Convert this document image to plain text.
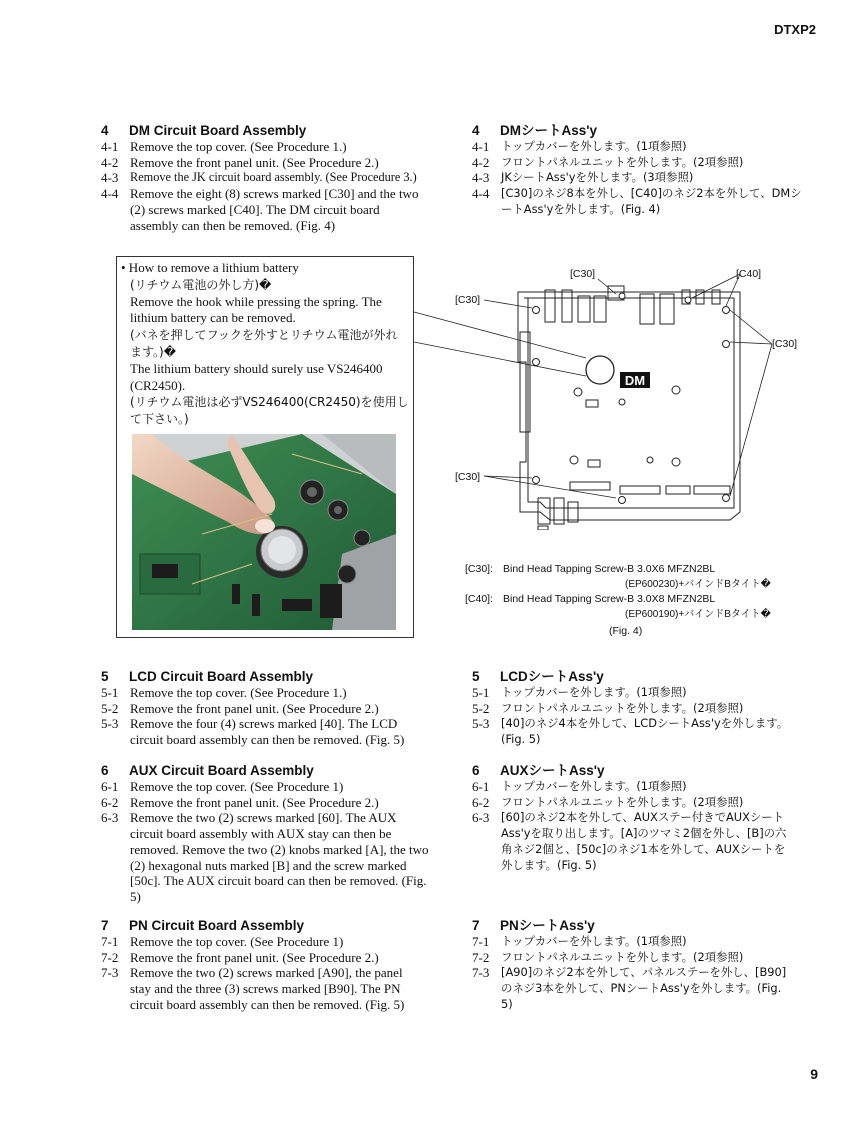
DTXP2
4	DM Circuit Board Assembly
4-1 Remove the top cover. (See Procedure 1.)
4-2 Remove the front panel unit. (See Procedure 2.)
4-3 Remove the JK circuit board assembly. (See Procedure 3.)
4-4 Remove the eight (8) screws marked [C30] and the two (2) screws marked [C40]. The DM circuit board assembly can then be removed. (Fig. 4)
4	DMシートAss'y
4-1	トップカバーを外します。(1項参照)
4-2	フロントパネルユニットを外します。(2項参照)
4-3	JKシートAss'yを外します。(3項参照)
4-4	[C30]のネジ8本を外し、[C40]のネジ2本を外して、DMシートAss'yを外します。(Fig. 4)
• How to remove a lithium battery
(リチウム電池の外し方)�
Remove the hook while pressing the spring. The lithium battery can be removed.
(バネを押してフックを外すとリチウム電池が外れます。)�
The lithium battery should surely use VS246400 (CR2450).
(リチウム電池は必ずVS246400(CR2450)を使用して下さい。)
DM
[C30]	[C40]
[C30]
[C30]
[C30]
[C30]: Bind Head Tapping Screw-B 3.0X6 MFZN2BL
(EP600230)+バインドBタイト�
[C40]: Bind Head Tapping Screw-B 3.0X8 MFZN2BL
(EP600190)+バインドBタイト�
(Fig. 4)
5	LCD Circuit Board Assembly
5-1 Remove the top cover. (See Procedure 1.)
5-2 Remove the front panel unit. (See Procedure 2.)
5-3 Remove the four (4) screws marked [40]. The LCD circuit board assembly can then be removed. (Fig. 5)
5	LCDシートAss'y
5-1	トップカバーを外します。(1項参照)
5-2	フロントパネルユニットを外します。(2項参照)
5-3	[40]のネジ4本を外して、LCDシートAss'yを外します。(Fig. 5)
6	AUX Circuit Board Assembly
6-1 Remove the top cover. (See Procedure 1)
6-2 Remove the front panel unit. (See Procedure 2.)
6-3 Remove the two (2) screws marked [60]. The AUX circuit board assembly with AUX stay can then be removed. Remove the two (2) knobs marked [A], the two (2) hexagonal nuts marked [B] and the screw marked [50c]. The AUX circuit board can then be removed. (Fig. 5)
6	AUXシートAss'y
6-1	トップカバーを外します。(1項参照)
6-2	フロントパネルユニットを外します。(2項参照)
6-3	[60]のネジ2本を外して、AUXステー付きでAUXシートAss'yを取り出します。[A]のツマミ2個を外し、[B]の六角ネジ2個と、[50c]のネジ1本を外して、AUXシートを外します。(Fig. 5)
7	PN Circuit Board Assembly
7-1 Remove the top cover. (See Procedure 1)
7-2 Remove the front panel unit. (See Procedure 2.)
7-3 Remove the two (2) screws marked [A90], the panel stay and the three (3) screws marked [B90]. The PN circuit board assembly can then be removed. (Fig. 5)
7	PNシートAss'y
7-1	トップカバーを外します。(1項参照)
7-2	フロントパネルユニットを外します。(2項参照)
7-3	[A90]のネジ2本を外して、パネルステーを外し、[B90]のネジ3本を外して、PNシートAss'yを外します。(Fig. 5)
9
